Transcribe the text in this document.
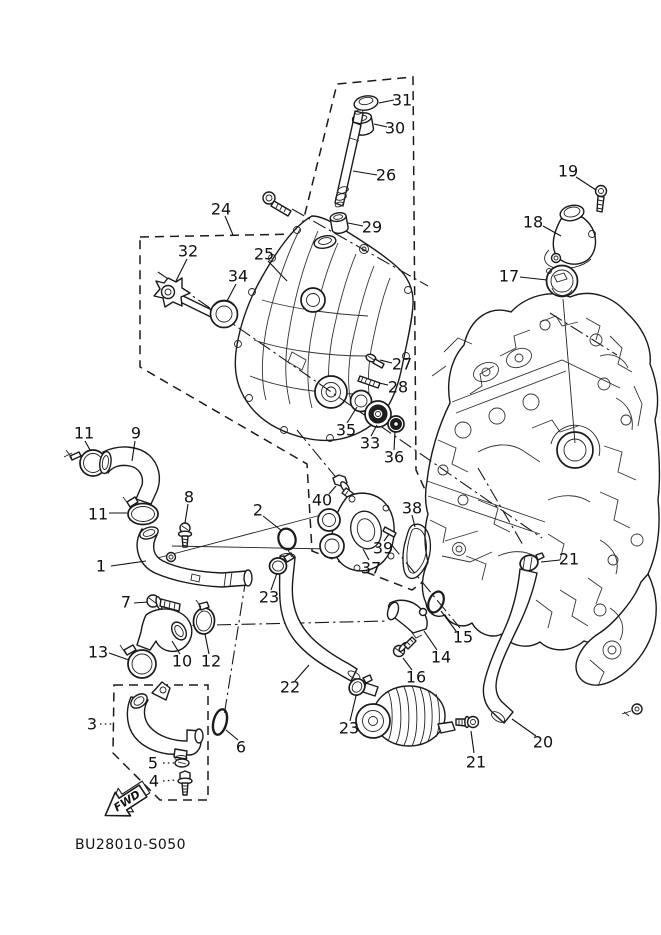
31
30
26
29
24
19
18
17
32	25
34
27
28
35
33
36
11 9
11
8
2
40	38
39
37
1
7	23
21
15
13	10 12	14
16
22
3	23
6	20
5	21
4
FWD
BU28010-S050
